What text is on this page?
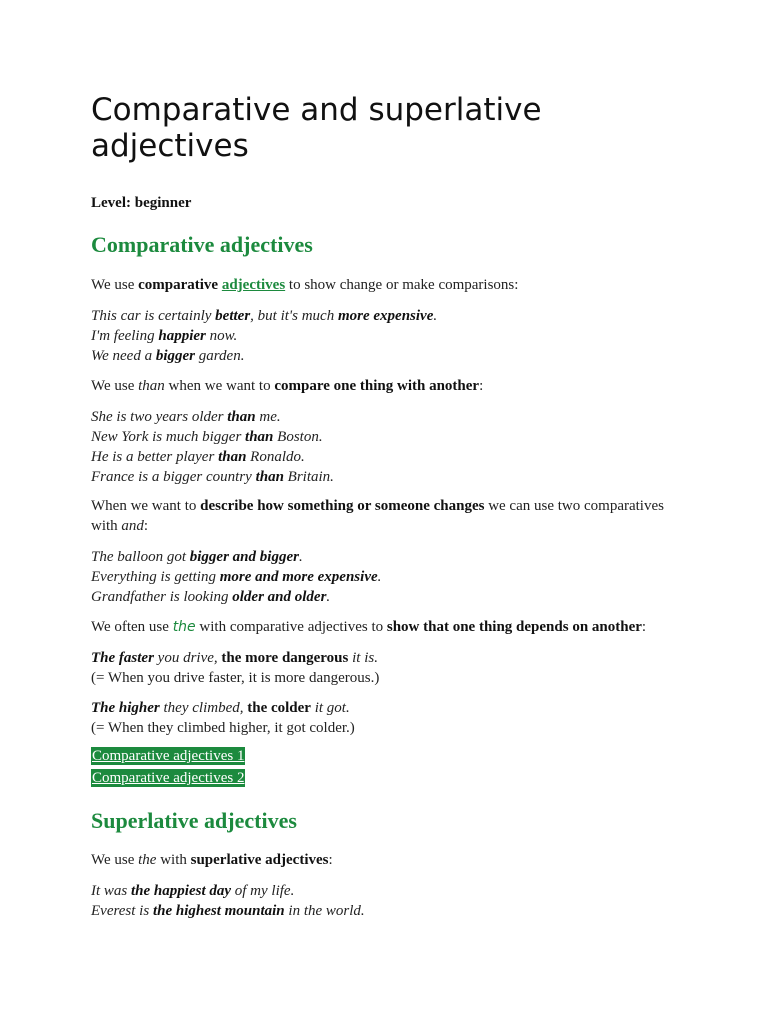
Comparative and superlative adjectives
Level: beginner
Comparative adjectives
We use comparative adjectives to show change or make comparisons:
This car is certainly better, but it's much more expensive.
I'm feeling happier now.
We need a bigger garden.
We use than when we want to compare one thing with another:
She is two years older than me.
New York is much bigger than Boston.
He is a better player than Ronaldo.
France is a bigger country than Britain.
When we want to describe how something or someone changes we can use two comparatives with and:
The balloon got bigger and bigger.
Everything is getting more and more expensive.
Grandfather is looking older and older.
We often use the with comparative adjectives to show that one thing depends on another:
The faster you drive, the more dangerous it is.
(= When you drive faster, it is more dangerous.)
The higher they climbed, the colder it got.
(= When they climbed higher, it got colder.)
Comparative adjectives 1
Comparative adjectives 2
Superlative adjectives
We use the with superlative adjectives:
It was the happiest day of my life.
Everest is the highest mountain in the world.
